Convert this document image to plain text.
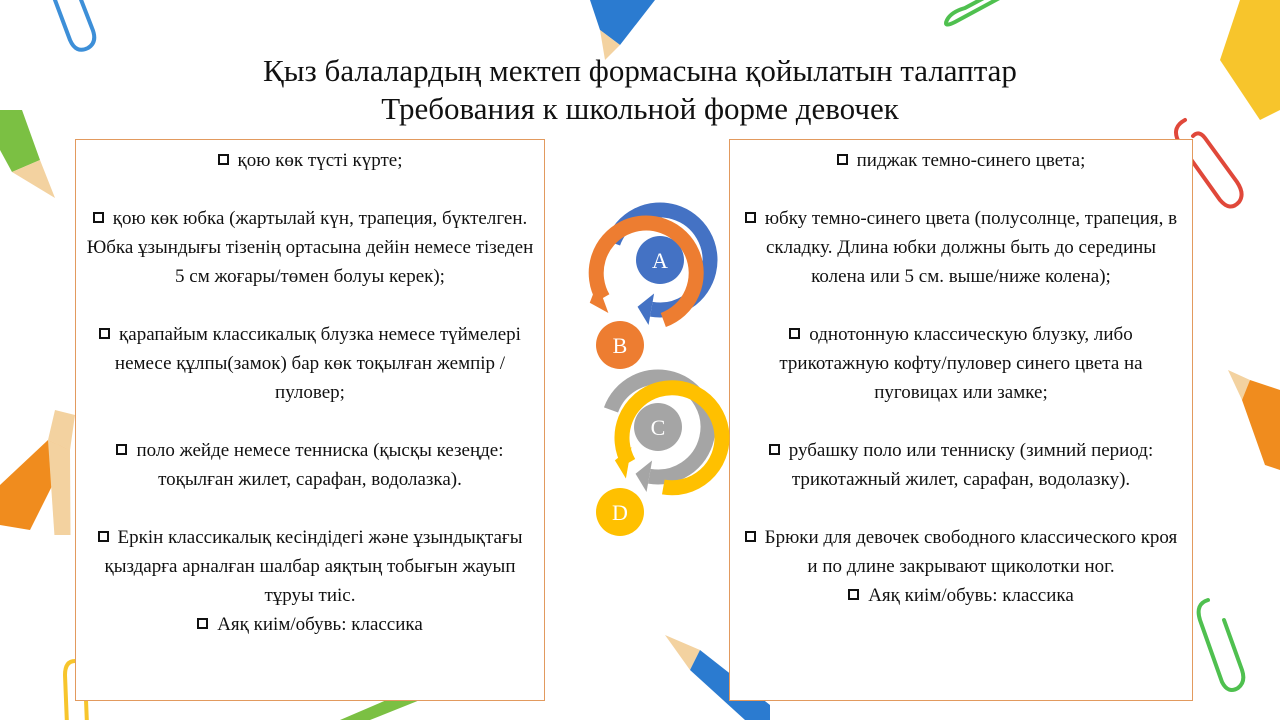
Қыз балалардың мектеп формасына қойылатын талаптар
Требования к школьной форме девочек
қою көк түсті күрте;
қою көк юбка (жартылай күн, трапеция, бүктелген. Юбка ұзындығы тізенің ортасына дейін немесе тізеден 5 см жоғары/төмен болуы керек);
қарапайым классикалық блузка немесе түймелері немесе құлпы(замок) бар көк тоқылған жемпір / пуловер;
поло жейде немесе тенниска (қысқы кезеңде: тоқылған жилет, сарафан, водолазка).
Еркін классикалық кесіндідегі және ұзындықтағы қыздарға арналған шалбар аяқтың тобығын жауып тұруы тиіс.
Аяқ киім/обувь: классика
пиджак темно-синего цвета;
юбку темно-синего цвета (полусолнце, трапеция, в складку. Длина юбки должны быть до середины колена или 5 см. выше/ниже колена);
однотонную классическую блузку, либо трикотажную кофту/пуловер синего цвета на пуговицах или замке;
рубашку поло или тенниску (зимний период: трикотажный жилет, сарафан, водолазку).
Брюки для девочек свободного классического кроя и по длине закрывают щиколотки ног.
Аяқ киім/обувь: классика
A
B
C
D
